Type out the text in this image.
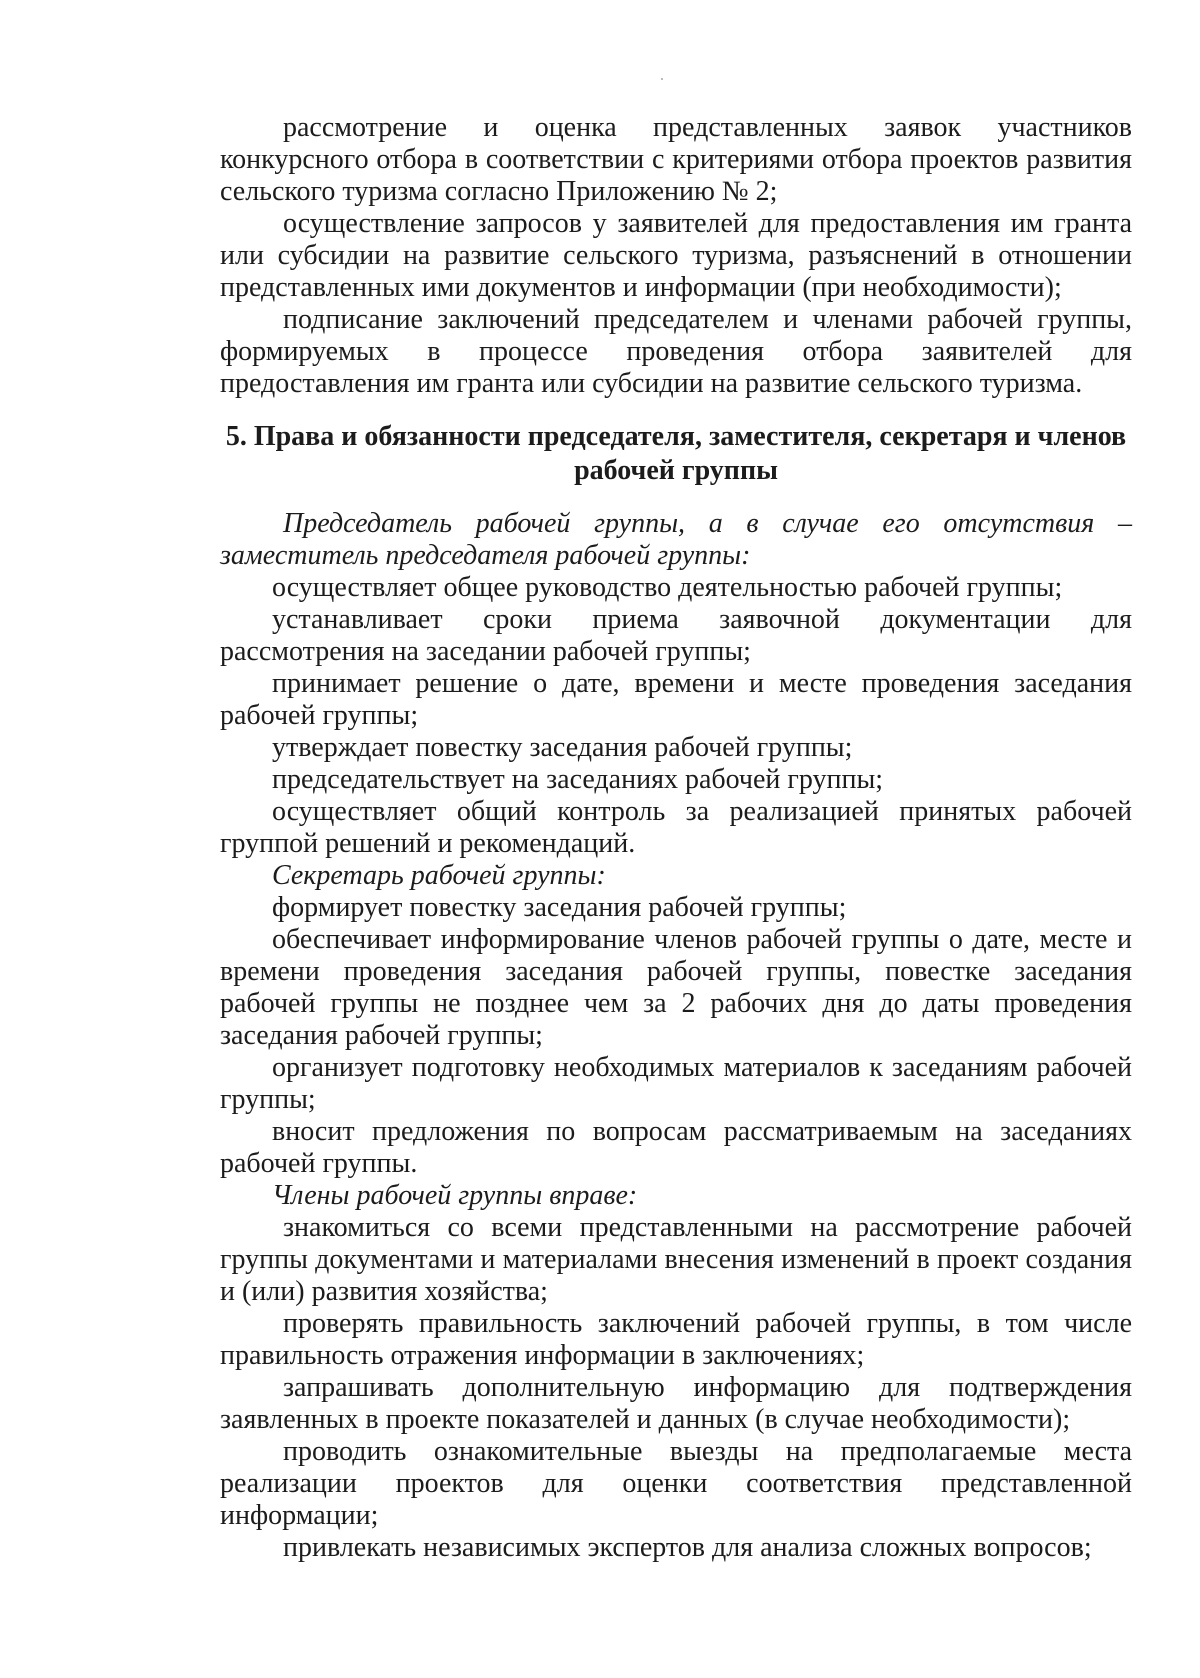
рассмотрение и оценка представленных заявок участников конкурсного отбора в соответствии с критериями отбора проектов развития сельского туризма согласно Приложению № 2;

осуществление запросов у заявителей для предоставления им гранта или субсидии на развитие сельского туризма, разъяснений в отношении представленных ими документов и информации (при необходимости);

подписание заключений председателем и членами рабочей группы, формируемых в процессе проведения отбора заявителей для предоставления им гранта или субсидии на развитие сельского туризма.

5. Права и обязанности председателя, заместителя, секретаря и членов рабочей группы

Председатель рабочей группы, а в случае его отсутствия – заместитель председателя рабочей группы:

осуществляет общее руководство деятельностью рабочей группы;

устанавливает сроки приема заявочной документации для рассмотрения на заседании рабочей группы;

принимает решение о дате, времени и месте проведения заседания рабочей группы;

утверждает повестку заседания рабочей группы;

председательствует на заседаниях рабочей группы;

осуществляет общий контроль за реализацией принятых рабочей группой решений и рекомендаций.

Секретарь рабочей группы:

формирует повестку заседания рабочей группы;

обеспечивает информирование членов рабочей группы о дате, месте и времени проведения заседания рабочей группы, повестке заседания рабочей группы не позднее чем за 2 рабочих дня до даты проведения заседания рабочей группы;

организует подготовку необходимых материалов к заседаниям рабочей группы;

вносит предложения по вопросам рассматриваемым на заседаниях рабочей группы.

Члены рабочей группы вправе:

знакомиться со всеми представленными на рассмотрение рабочей группы документами и материалами внесения изменений в проект создания и (или) развития хозяйства;

проверять правильность заключений рабочей группы, в том числе правильность отражения информации в заключениях;

запрашивать дополнительную информацию для подтверждения заявленных в проекте показателей и данных (в случае необходимости);

проводить ознакомительные выезды на предполагаемые места реализации проектов для оценки соответствия представленной информации;

привлекать независимых экспертов для анализа сложных вопросов;
